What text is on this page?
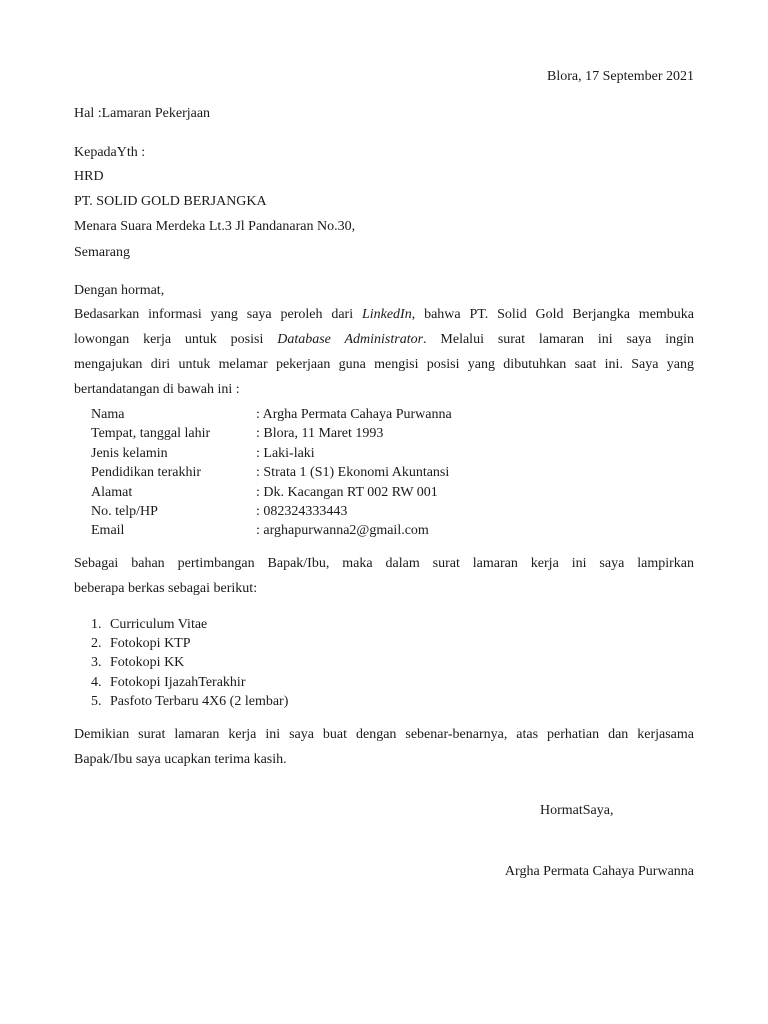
Blora, 17 September 2021
Hal :Lamaran Pekerjaan
KepadaYth :
HRD
PT. SOLID GOLD BERJANGKA
Menara Suara Merdeka Lt.3 Jl Pandanaran No.30,
Semarang
Dengan hormat,
Bedasarkan informasi yang saya peroleh dari LinkedIn, bahwa PT. Solid Gold Berjangka membuka
lowongan kerja untuk posisi Database Administrator. Melalui surat lamaran ini saya ingin
mengajukan diri untuk melamar pekerjaan guna mengisi posisi yang dibutuhkan saat ini. Saya yang
bertandatangan di bawah ini :
Nama	: Argha Permata Cahaya Purwanna
Tempat, tanggal lahir	: Blora, 11 Maret 1993
Jenis kelamin	: Laki-laki
Pendidikan terakhir	: Strata 1 (S1) Ekonomi Akuntansi
Alamat	: Dk. Kacangan RT 002 RW 001
No. telp/HP	: 082324333443
Email	: arghapurwanna2@gmail.com
Sebagai bahan pertimbangan Bapak/Ibu, maka dalam surat lamaran kerja ini saya lampirkan
beberapa berkas sebagai berikut:
1. Curriculum Vitae
2. Fotokopi KTP
3. Fotokopi KK
4. Fotokopi IjazahTerakhir
5. Pasfoto Terbaru 4X6 (2 lembar)
Demikian surat lamaran kerja ini saya buat dengan sebenar-benarnya, atas perhatian dan kerjasama
Bapak/Ibu saya ucapkan terima kasih.
HormatSaya,
Argha Permata Cahaya Purwanna
